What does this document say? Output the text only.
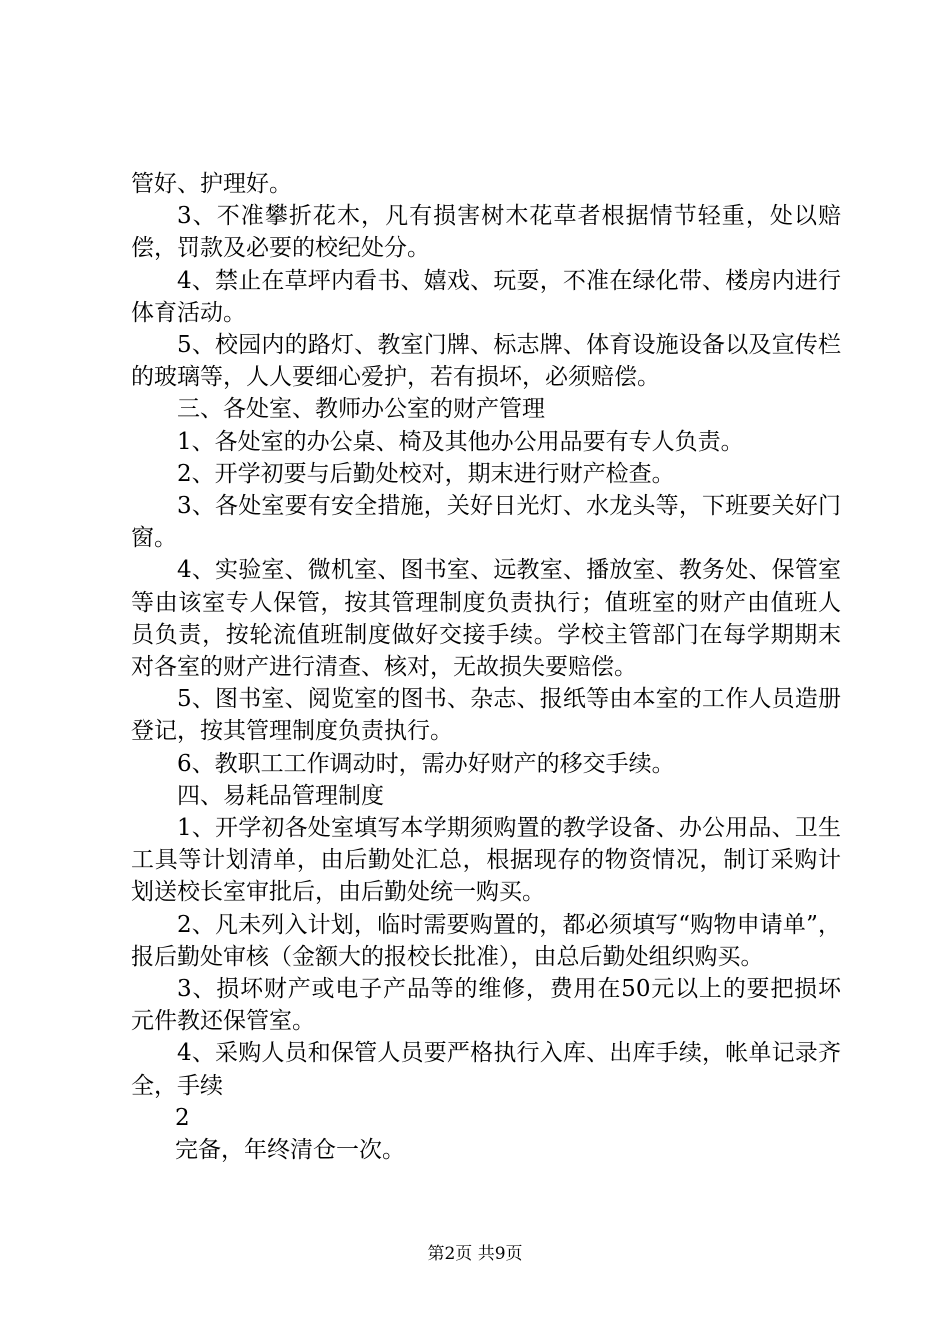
管好、护理好。

3、不准攀折花木，凡有损害树木花草者根据情节轻重，处以赔偿，罚款及必要的校纪处分。

4、禁止在草坪内看书、嬉戏、玩耍，不准在绿化带、楼房内进行体育活动。

5、校园内的路灯、教室门牌、标志牌、体育设施设备以及宣传栏的玻璃等，人人要细心爱护，若有损坏，必须赔偿。

三、各处室、教师办公室的财产管理

1、各处室的办公桌、椅及其他办公用品要有专人负责。

2、开学初要与后勤处校对，期末进行财产检查。

3、各处室要有安全措施，关好日光灯、水龙头等，下班要关好门窗。

4、实验室、微机室、图书室、远教室、播放室、教务处、保管室等由该室专人保管，按其管理制度负责执行；值班室的财产由值班人员负责，按轮流值班制度做好交接手续。学校主管部门在每学期期末对各室的财产进行清查、核对，无故损失要赔偿。

5、图书室、阅览室的图书、杂志、报纸等由本室的工作人员造册登记，按其管理制度负责执行。

6、教职工工作调动时，需办好财产的移交手续。

四、易耗品管理制度

1、开学初各处室填写本学期须购置的教学设备、办公用品、卫生工具等计划清单，由后勤处汇总，根据现存的物资情况，制订采购计划送校长室审批后，由后勤处统一购买。

2、凡未列入计划，临时需要购置的，都必须填写“购物申请单”，报后勤处审核（金额大的报校长批准），由总后勤处组织购买。

3、损坏财产或电子产品等的维修，费用在50元以上的要把损坏元件教还保管室。

4、采购人员和保管人员要严格执行入库、出库手续，帐单记录齐全，手续

2

完备，年终清仓一次。

第2页 共9页
